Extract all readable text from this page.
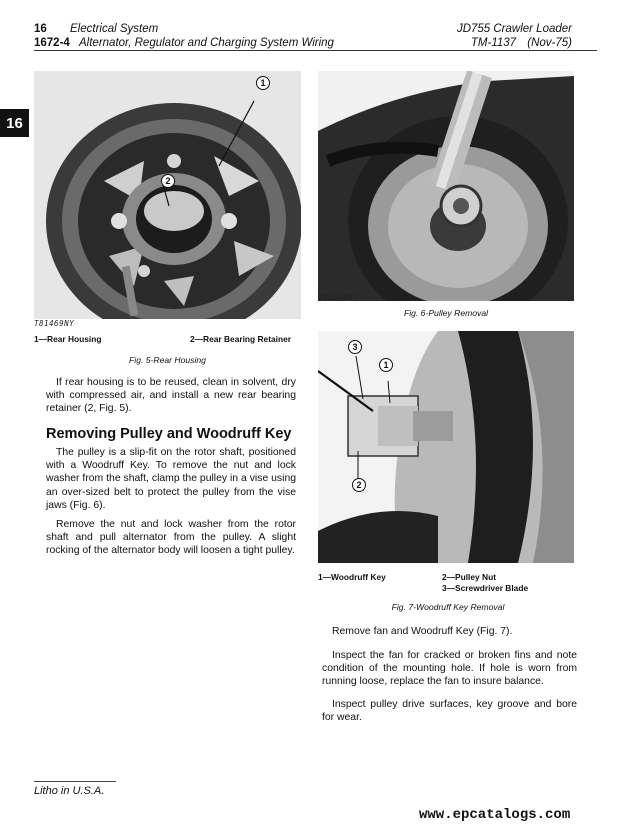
16 Electrical System
1672-4 Alternator, Regulator and Charging System Wiring
JD755 Crawler Loader
TM-1137 (Nov-75)
16
1
2
T81469NY
1—Rear Housing	2—Rear Bearing Retainer
Fig. 5-Rear Housing
If rear housing is to be reused, clean in solvent, dry with compressed air, and install a new rear bearing retainer (2, Fig. 5).
Removing Pulley and Woodruff Key
The pulley is a slip-fit on the rotor shaft, positioned with a Woodruff Key. To remove the nut and lock washer from the shaft, clamp the pulley in a vise using an over-sized belt to protect the pulley from the vise jaws (Fig. 6).
Remove the nut and lock washer from the rotor shaft and pull alternator from the pulley. A slight rocking of the alternator body will loosen a tight pulley.
T82346NY
Fig. 6-Pulley Removal
3
1
2
T80828NY
1—Woodruff Key	2—Pulley Nut
3—Screwdriver Blade
Fig. 7-Woodruff Key Removal
Remove fan and Woodruff Key (Fig. 7).
Inspect the fan for cracked or broken fins and note condition of the mounting hole. If hole is worn from running loose, replace the fan to insure balance.
Inspect pulley drive surfaces, key groove and bore for wear.
Litho in U.S.A.
www.epcatalogs.com
